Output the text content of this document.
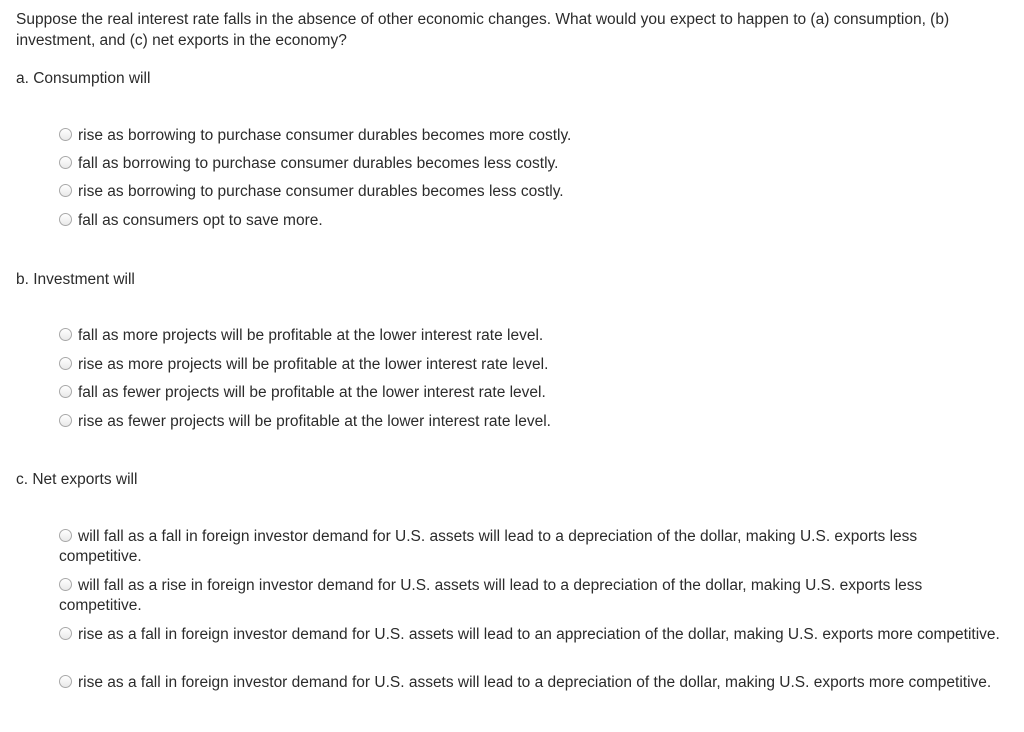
Suppose the real interest rate falls in the absence of other economic changes. What would you expect to happen to (a) consumption, (b) investment, and (c) net exports in the economy?
a. Consumption will
rise as borrowing to purchase consumer durables becomes more costly.
fall as borrowing to purchase consumer durables becomes less costly.
rise as borrowing to purchase consumer durables becomes less costly.
fall as consumers opt to save more.
b. Investment will
fall as more projects will be profitable at the lower interest rate level.
rise as more projects will be profitable at the lower interest rate level.
fall as fewer projects will be profitable at the lower interest rate level.
rise as fewer projects will be profitable at the lower interest rate level.
c. Net exports will
will fall as a fall in foreign investor demand for U.S. assets will lead to a depreciation of the dollar, making U.S. exports less competitive.
will fall as a rise in foreign investor demand for U.S. assets will lead to a depreciation of the dollar, making U.S. exports less competitive.
rise as a fall in foreign investor demand for U.S. assets will lead to an appreciation of the dollar, making U.S. exports more competitive.
rise as a fall in foreign investor demand for U.S. assets will lead to a depreciation of the dollar, making U.S. exports more competitive.
